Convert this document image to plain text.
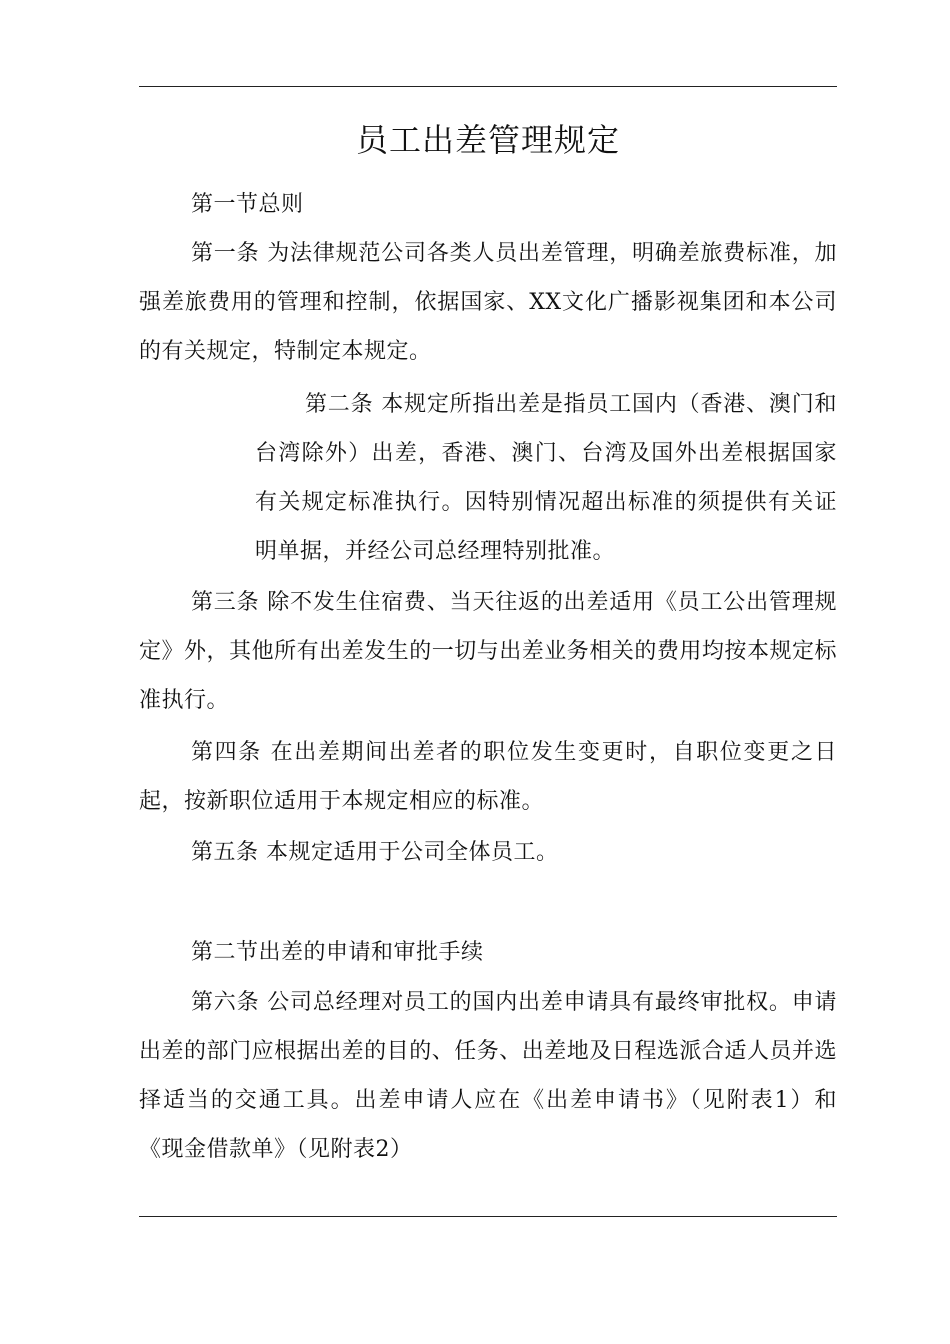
员工出差管理规定
第一节总则

第一条 为法律规范公司各类人员出差管理，明确差旅费标准，加强差旅费用的管理和控制，依据国家、XX文化广播影视集团和本公司的有关规定，特制定本规定。

第二条 本规定所指出差是指员工国内（香港、澳门和台湾除外）出差，香港、澳门、台湾及国外出差根据国家有关规定标准执行。因特别情况超出标准的须提供有关证明单据，并经公司总经理特别批准。

第三条 除不发生住宿费、当天往返的出差适用《员工公出管理规定》外，其他所有出差发生的一切与出差业务相关的费用均按本规定标准执行。

第四条 在出差期间出差者的职位发生变更时，自职位变更之日起，按新职位适用于本规定相应的标准。

第五条 本规定适用于公司全体员工。

第二节出差的申请和审批手续

第六条 公司总经理对员工的国内出差申请具有最终审批权。申请出差的部门应根据出差的目的、任务、出差地及日程选派合适人员并选择适当的交通工具。出差申请人应在《出差申请书》（见附表1）和《现金借款单》（见附表2）
